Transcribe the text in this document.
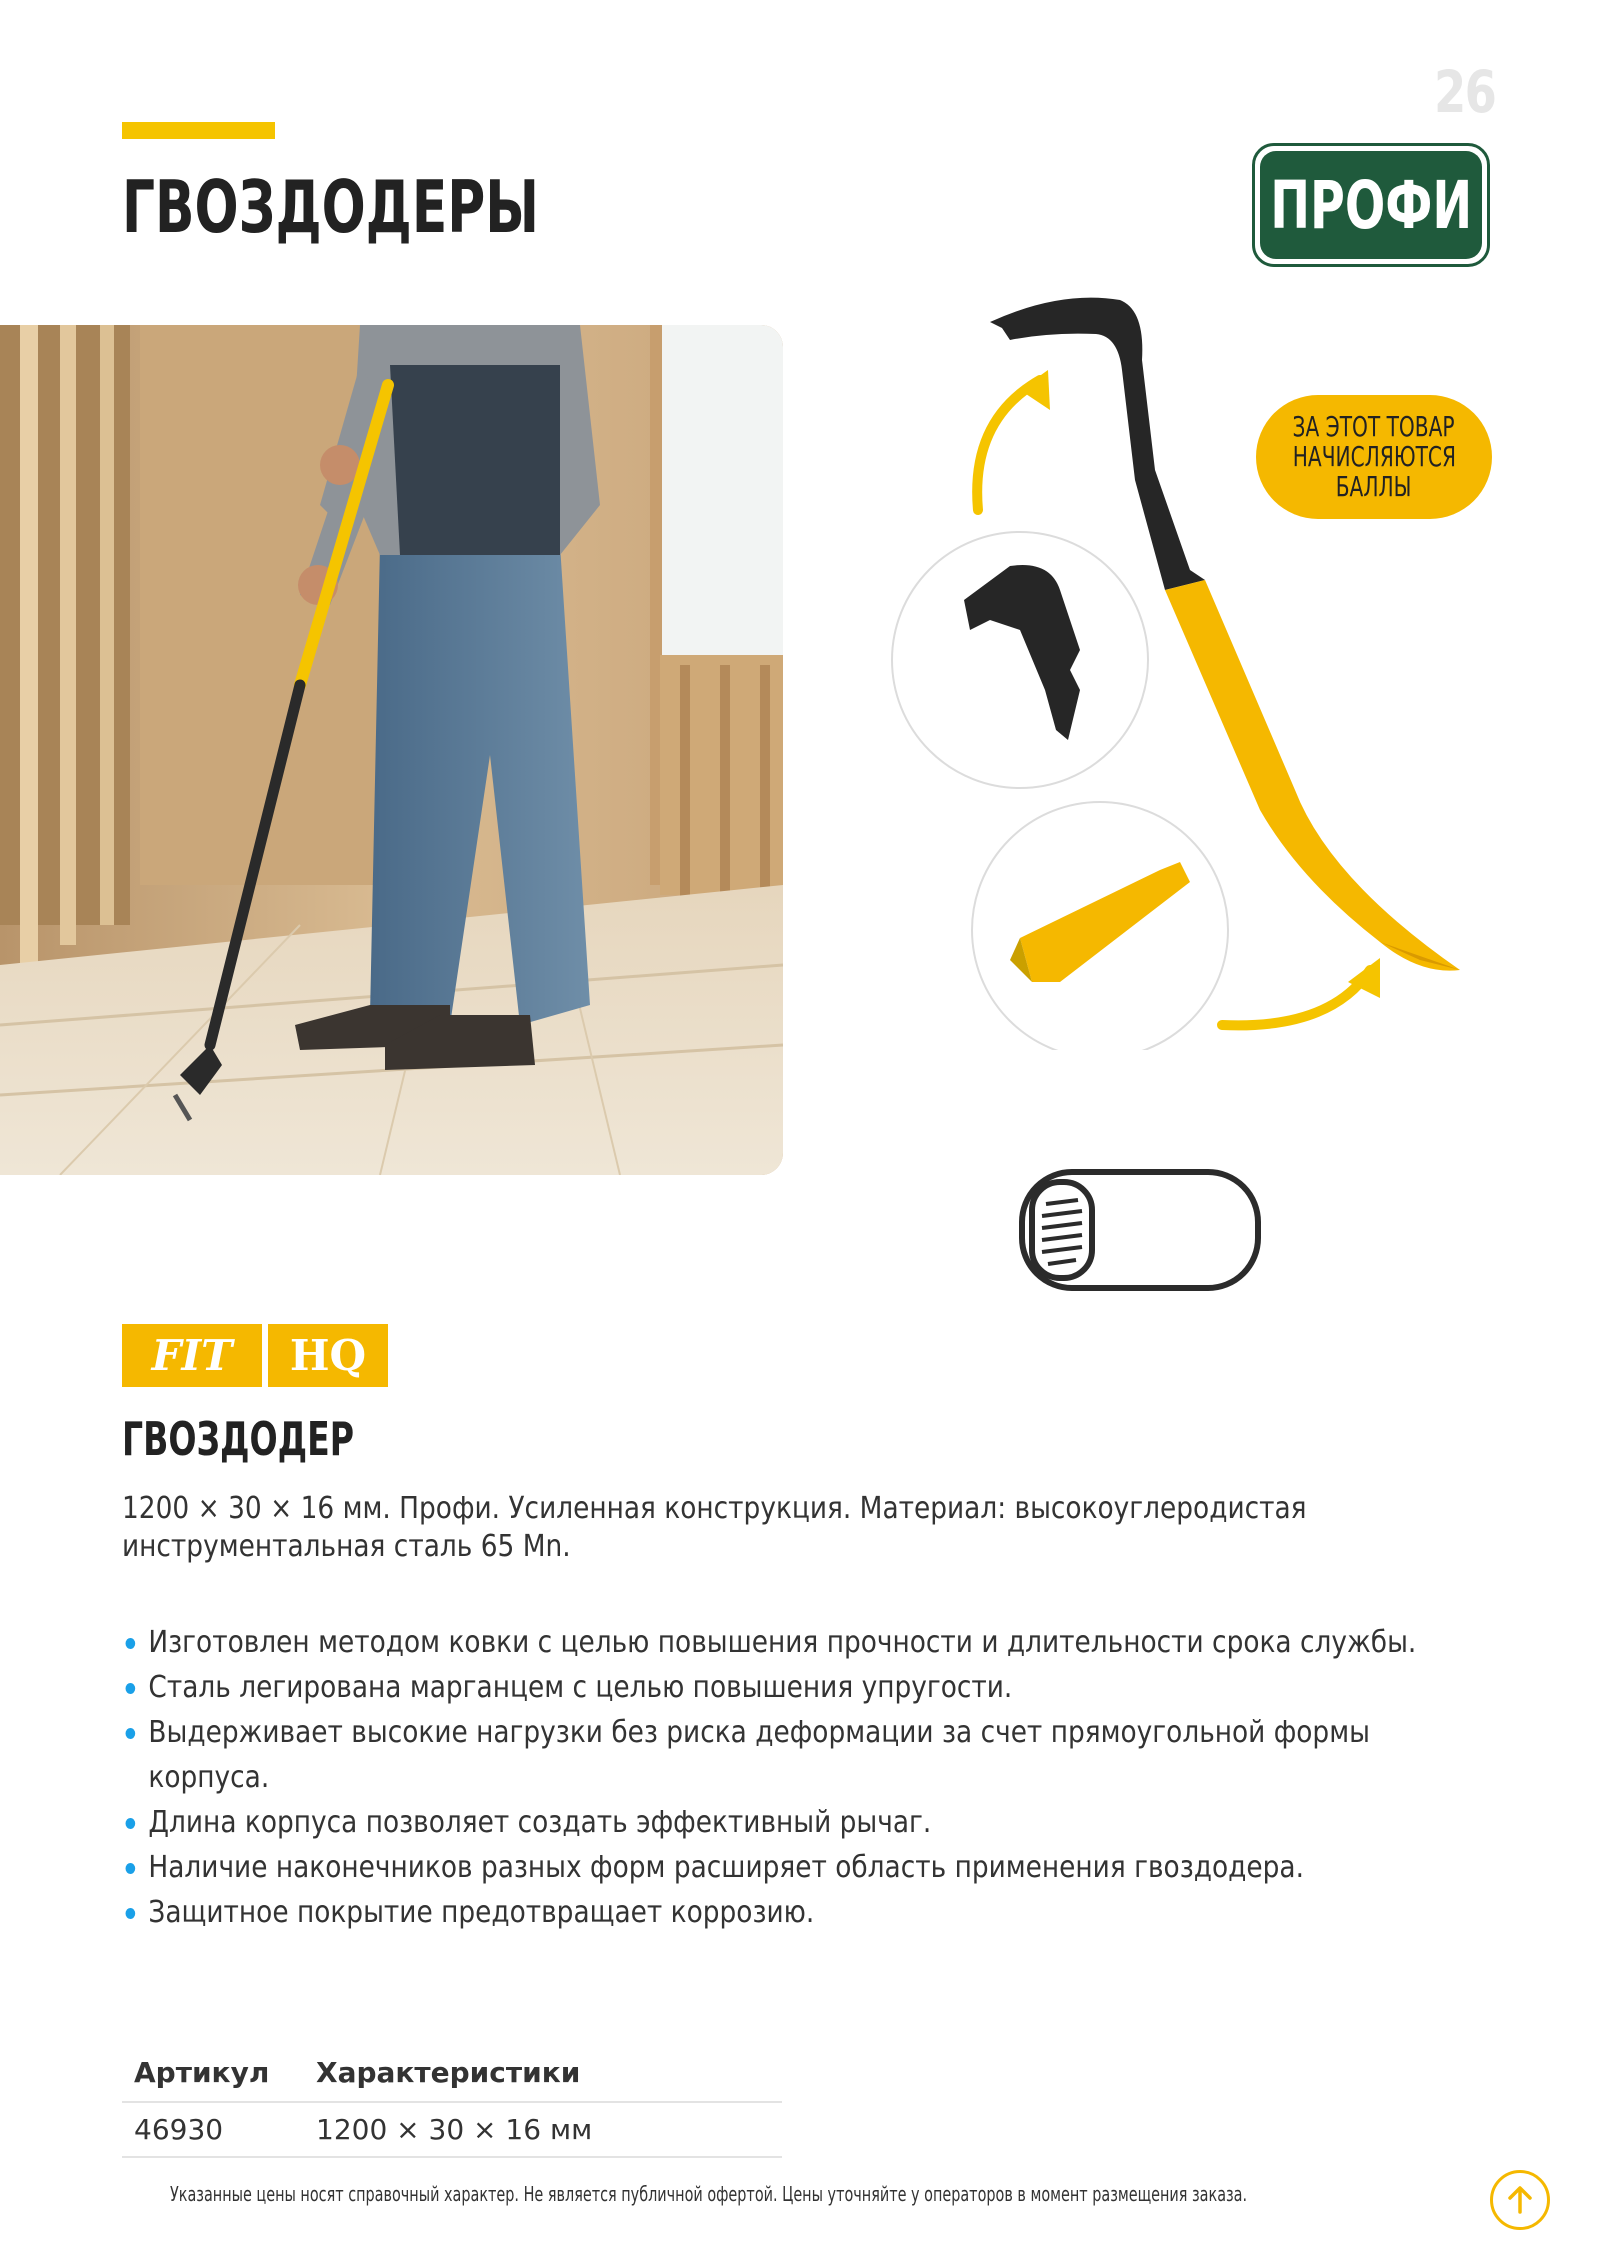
26
ГВОЗДОДЕРЫ	ПРОФИ
ЗА ЭТОТ ТОВАР
НАЧИСЛЯЮТСЯ
БАЛЛЫ
FIT HQ
ГВОЗДОДЕР
1200 × 30 × 16 мм. Профи. Усиленная конструкция. Материал: высокоуглеродистая инструментальная сталь 65 Mn.
Изготовлен методом ковки с целью повышения прочности и длительности срока службы.
Сталь легирована марганцем с целью повышения упругости.
Выдерживает высокие нагрузки без риска деформации за счет прямоугольной формы корпуса.
Длина корпуса позволяет создать эффективный рычаг.
Наличие наконечников разных форм расширяет область применения гвоздодера.
Защитное покрытие предотвращает коррозию.
Артикул	Характеристики
46930	1200 × 30 × 16 мм
Указанные цены носят справочный характер. Не является публичной офертой. Цены уточняйте у операторов в момент размещения заказа.
